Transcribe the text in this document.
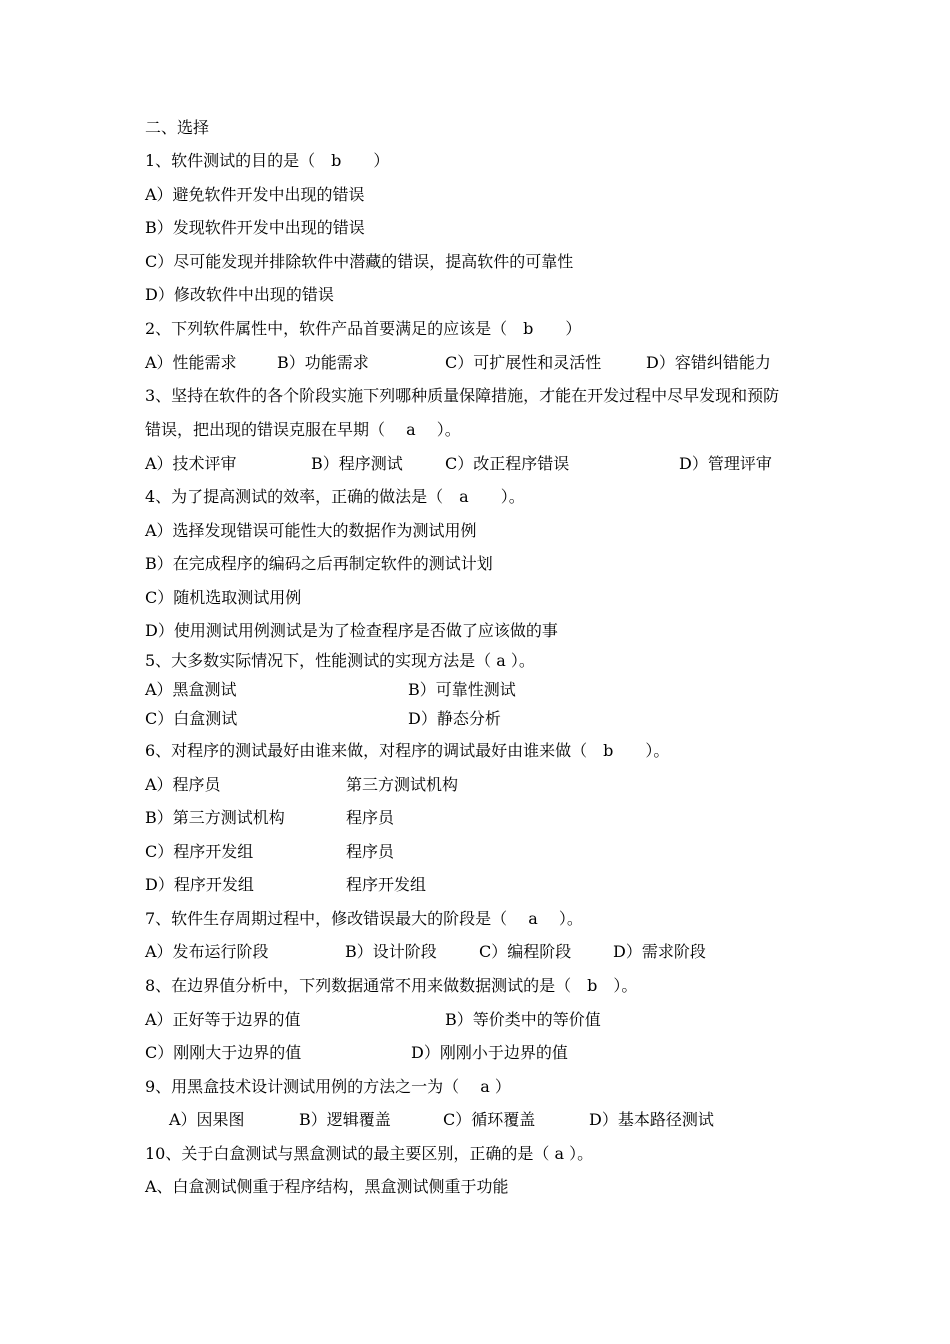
二、选择
1、软件测试的目的是（　b　　）
A）避免软件开发中出现的错误
B）发现软件开发中出现的错误
C）尽可能发现并排除软件中潜藏的错误，提高软件的可靠性
D）修改软件中出现的错误
2、下列软件属性中，软件产品首要满足的应该是（　b　　）
A）性能需求	B）功能需求	C）可扩展性和灵活性	D）容错纠错能力
3、坚持在软件的各个阶段实施下列哪种质量保障措施，才能在开发过程中尽早发现和预防
错误，把出现的错误克服在早期（　 a　 ）。
A）技术评审	B）程序测试	C）改正程序错误	D）管理评审
4、为了提高测试的效率，正确的做法是（　a　　）。
A）选择发现错误可能性大的数据作为测试用例
B）在完成程序的编码之后再制定软件的测试计划
C）随机选取测试用例
D）使用测试用例测试是为了检查程序是否做了应该做的事
5、大多数实际情况下，性能测试的实现方法是（ a ）。
A）黑盒测试	B）可靠性测试
C）白盒测试	D）静态分析
6、对程序的测试最好由谁来做，对程序的调试最好由谁来做（　b　　）。
A）程序员	第三方测试机构
B）第三方测试机构	程序员
C）程序开发组	程序员
D）程序开发组	程序开发组
7、软件生存周期过程中，修改错误最大的阶段是（　 a　 ）。
A）发布运行阶段	B）设计阶段	C）编程阶段	D）需求阶段
8、在边界值分析中，下列数据通常不用来做数据测试的是（　b　）。
A）正好等于边界的值	B）等价类中的等价值
C）刚刚大于边界的值	D）刚刚小于边界的值
9、用黑盒技术设计测试用例的方法之一为（　 a ）
A）因果图	B）逻辑覆盖	C）循环覆盖	D）基本路径测试
10、关于白盒测试与黑盒测试的最主要区别，正确的是（ a ）。
A、白盒测试侧重于程序结构，黑盒测试侧重于功能
